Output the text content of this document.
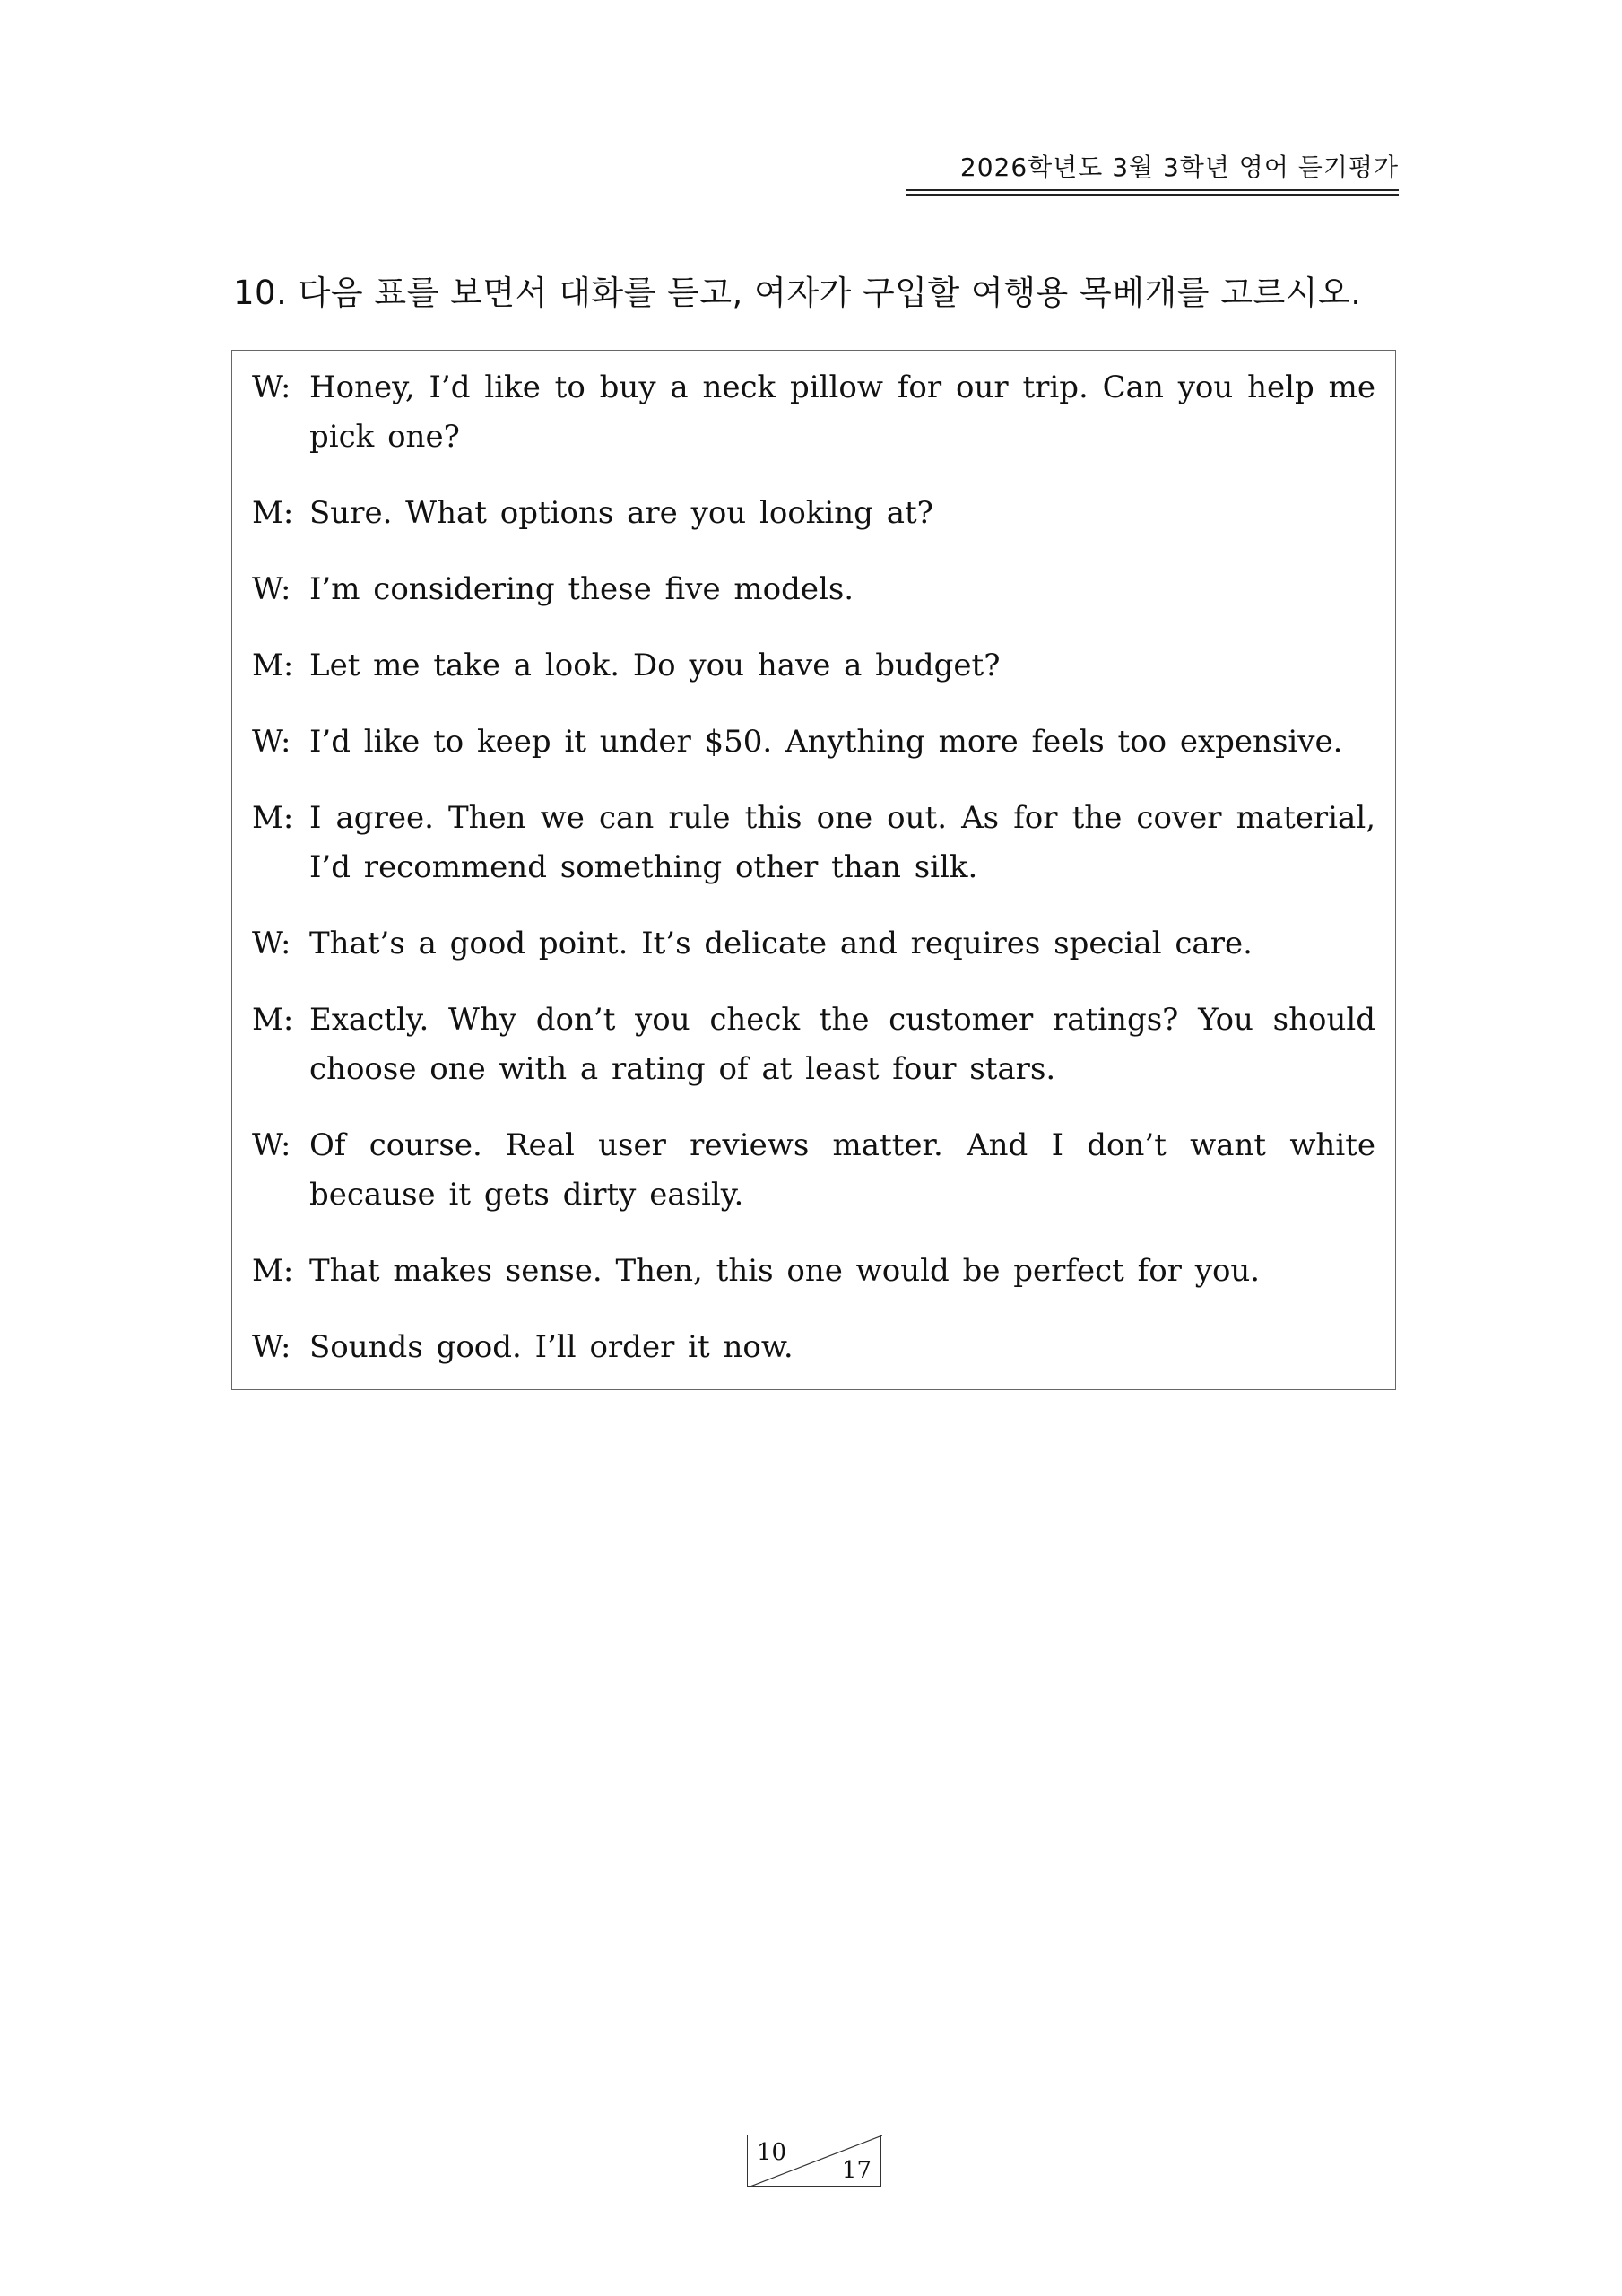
2026학년도 3월 3학년 영어 듣기평가
10. 다음 표를 보면서 대화를 듣고, 여자가 구입할 여행용 목베개를 고르시오.
W: Honey, I’d like to buy a neck pillow for our trip. Can you help me pick one?
M: Sure. What options are you looking at?
W: I’m considering these five models.
M: Let me take a look. Do you have a budget?
W: I’d like to keep it under $50. Anything more feels too expensive.
M: I agree. Then we can rule this one out. As for the cover material, I’d recommend something other than silk.
W: That’s a good point. It’s delicate and requires special care.
M: Exactly. Why don’t you check the customer ratings? You should choose one with a rating of at least four stars.
W: Of course. Real user reviews matter. And I don’t want white because it gets dirty easily.
M: That makes sense. Then, this one would be perfect for you.
W: Sounds good. I’ll order it now.
10
17
